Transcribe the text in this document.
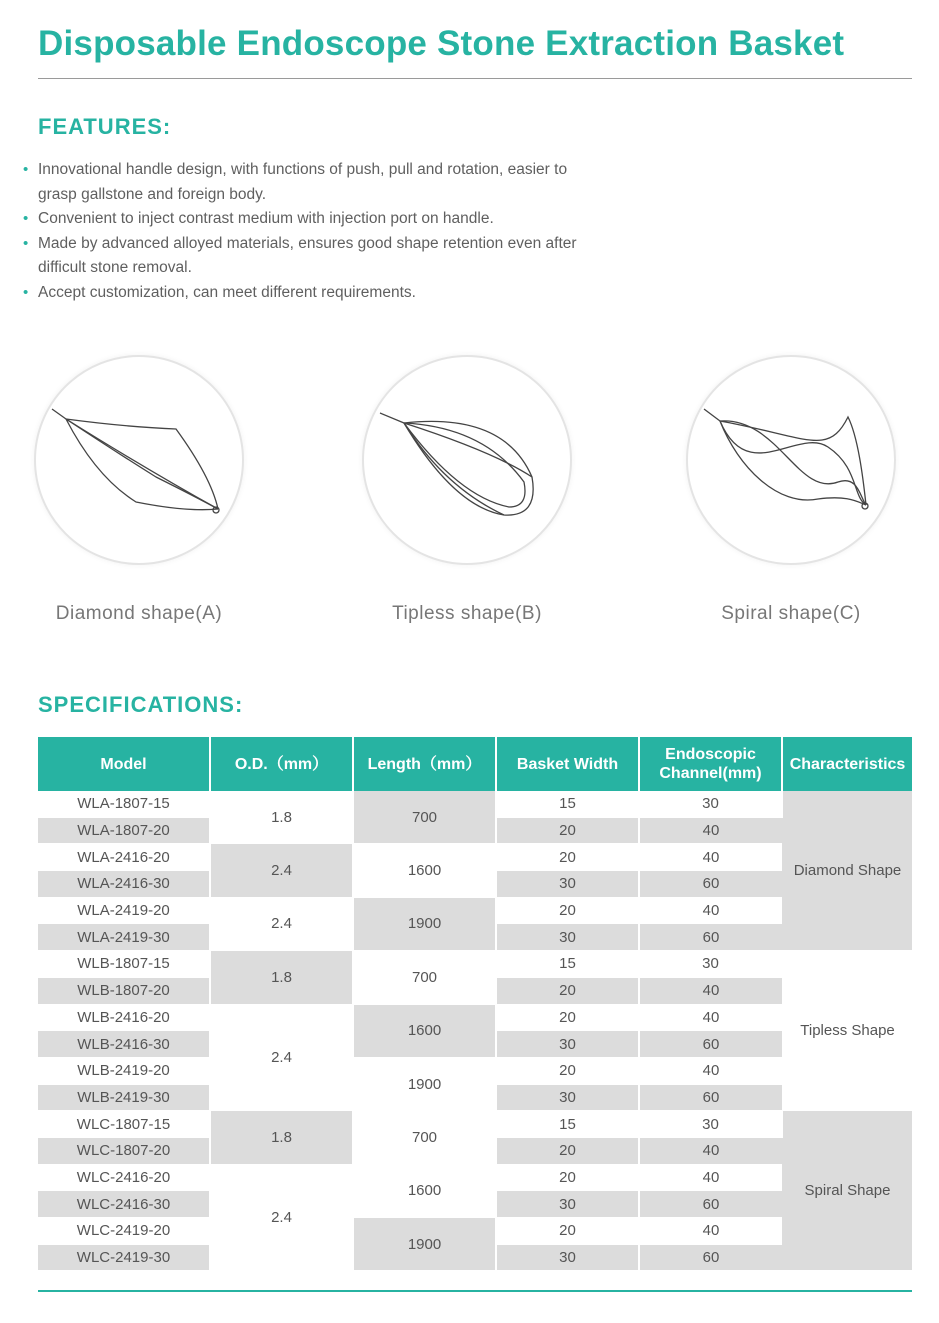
Disposable Endoscope Stone Extraction Basket
FEATURES:
• Innovational handle design, with functions of push, pull and rotation, easier to grasp gallstone and foreign body.
• Convenient to inject contrast medium with injection port on handle.
• Made by advanced alloyed materials, ensures good shape retention even after difficult stone removal.
• Accept customization, can meet different requirements.
Diamond shape(A)	Tipless shape(B)	Spiral shape(C)
SPECIFICATIONS:
Model	O.D.（mm）	Length（mm）	Basket Width	Endoscopic
Channel(mm)	Characteristics
WLA-1807-15	1.8	700	15	30	Diamond Shape
WLA-1807-20			20	40	
WLA-2416-20	2.4	1600	20	40	
WLA-2416-30			30	60	
WLA-2419-20	2.4	1900	20	40	
WLA-2419-30			30	60	
WLB-1807-15	1.8	700	15	30	Tipless Shape
WLB-1807-20			20	40	
WLB-2416-20	2.4	1600	20	40	
WLB-2416-30			30	60	
WLB-2419-20		1900	20	40	
WLB-2419-30			30	60	
WLC-1807-15	1.8	700	15	30	Spiral Shape
WLC-1807-20			20	40	
WLC-2416-20	2.4	1600	20	40	
WLC-2416-30			30	60	
WLC-2419-20		1900	20	40	
WLC-2419-30			30	60	
